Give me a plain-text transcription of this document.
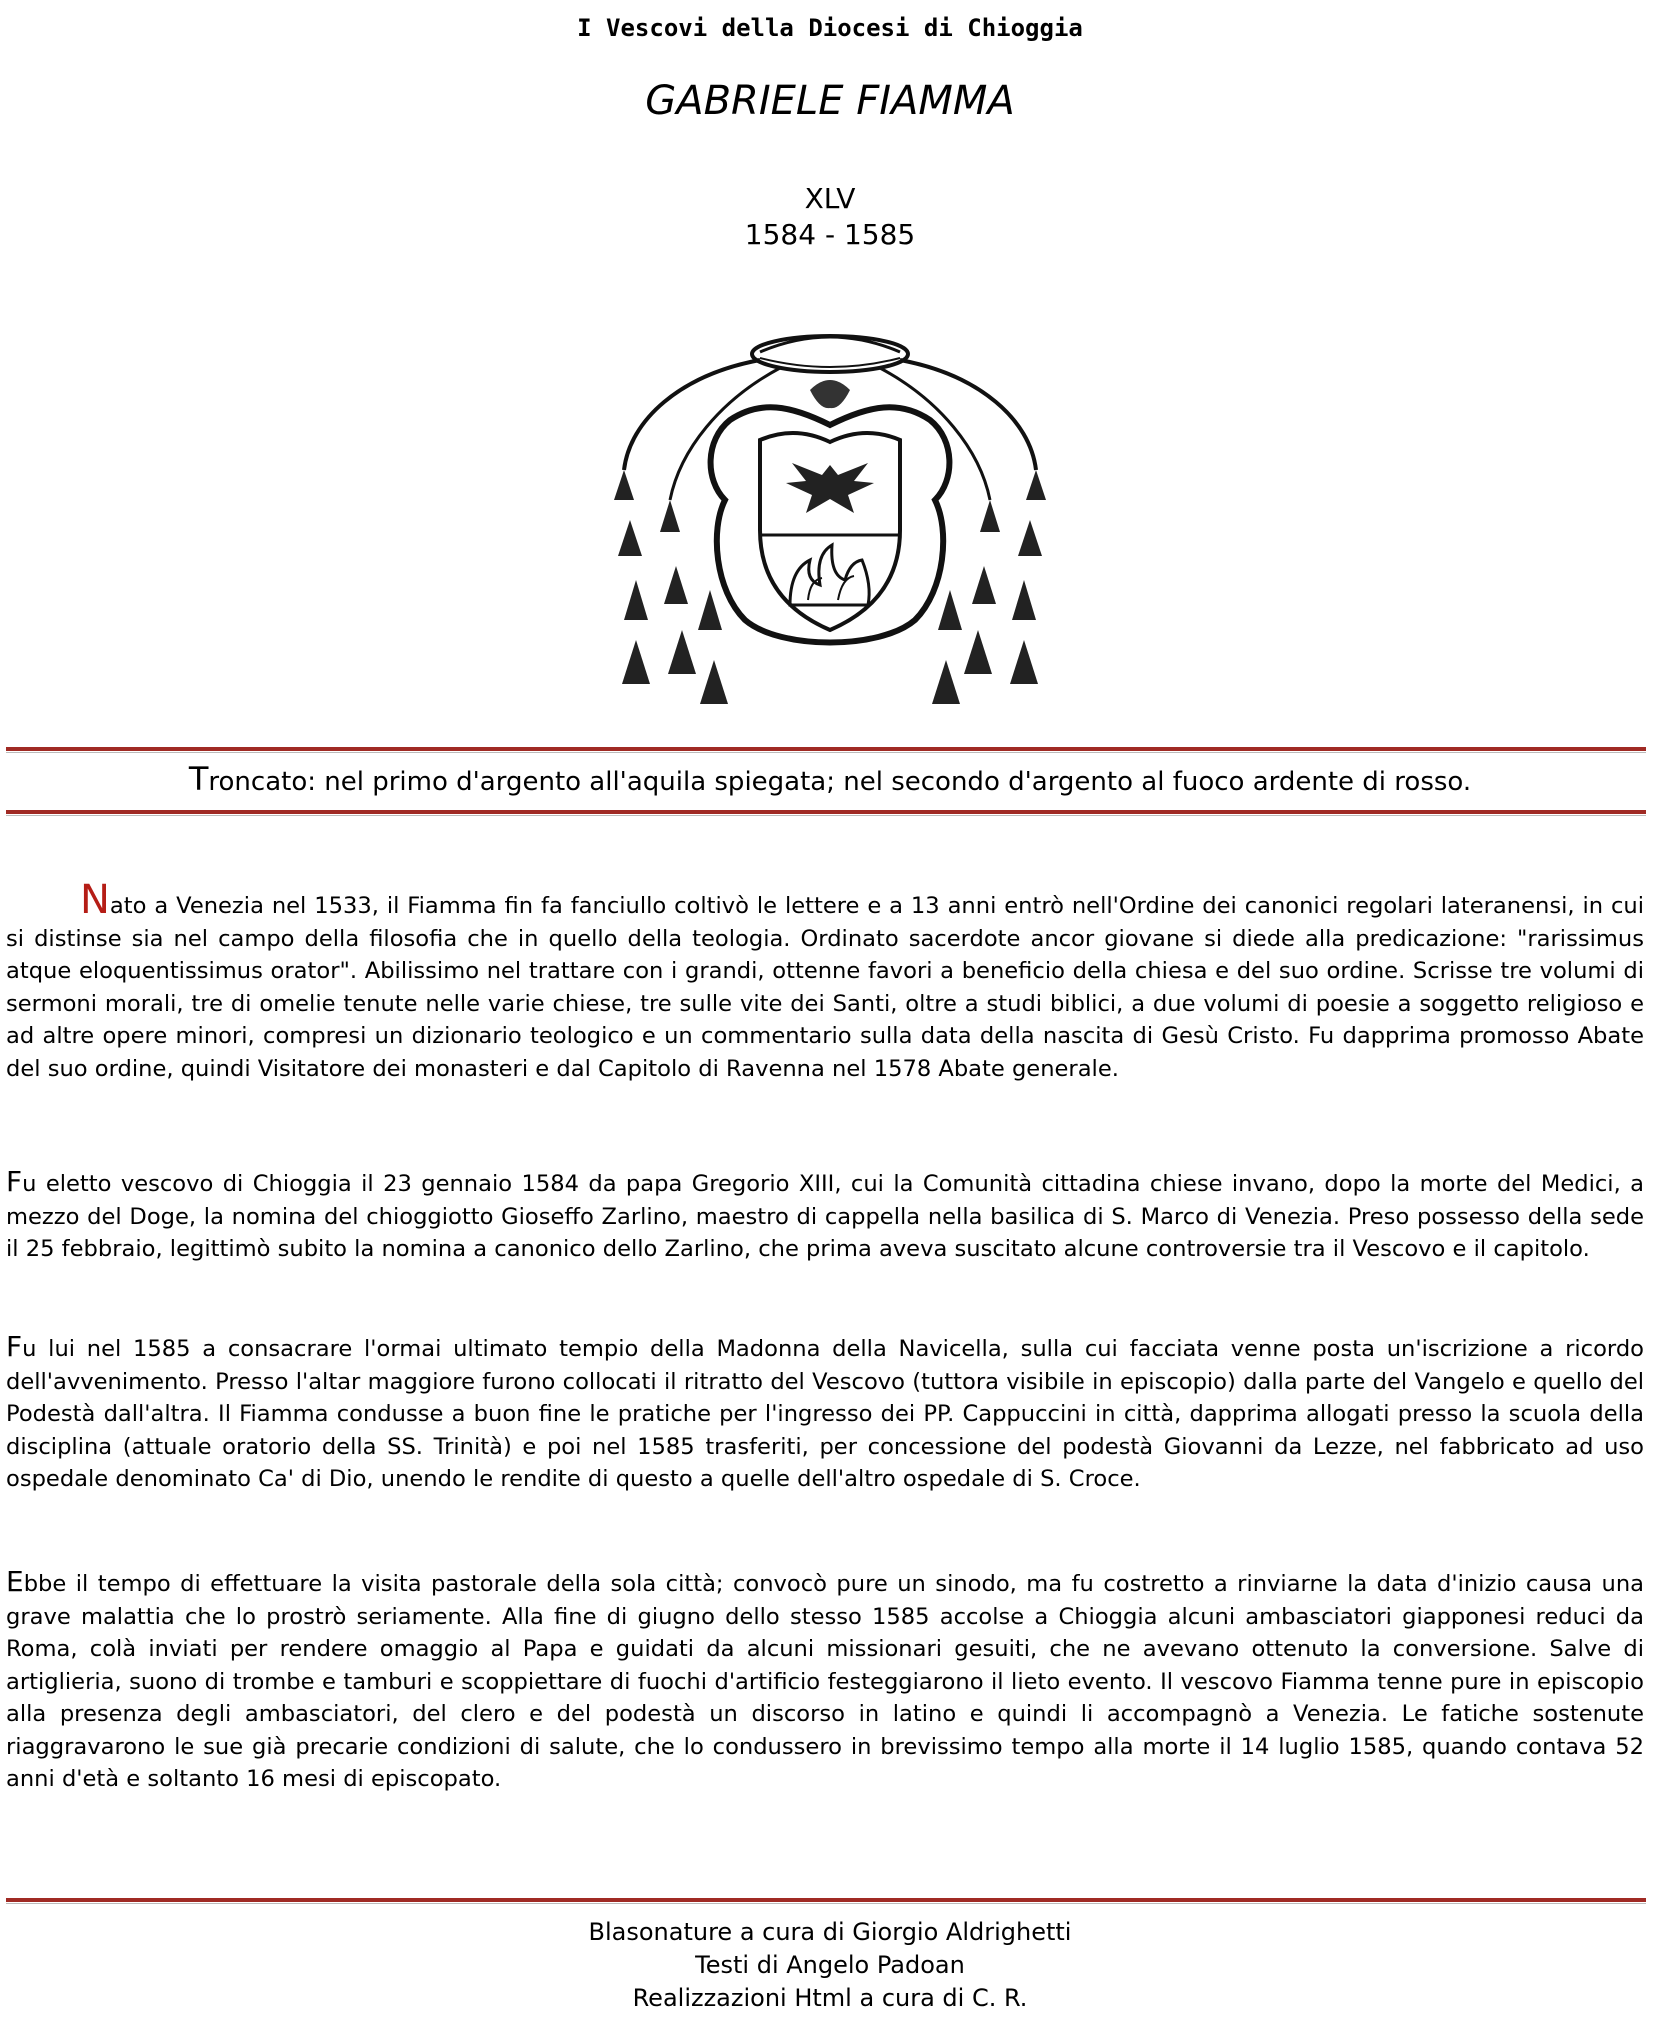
I Vescovi della Diocesi di Chioggia
GABRIELE FIAMMA
XLV
1584 - 1585
Troncato: nel primo d'argento all'aquila spiegata; nel secondo d'argento al fuoco ardente di rosso.
Nato a Venezia nel 1533, il Fiamma fin fa fanciullo coltivò le lettere e a 13 anni entrò nell'Ordine dei canonici regolari lateranensi, in cui si distinse sia nel campo della filosofia che in quello della teologia. Ordinato sacerdote ancor giovane si diede alla predicazione: "rarissimus atque eloquentissimus orator". Abilissimo nel trattare con i grandi, ottenne favori a beneficio della chiesa e del suo ordine. Scrisse tre volumi di sermoni morali, tre di omelie tenute nelle varie chiese, tre sulle vite dei Santi, oltre a studi biblici, a due volumi di poesie a soggetto religioso e ad altre opere minori, compresi un dizionario teologico e un commentario sulla data della nascita di Gesù Cristo. Fu dapprima promosso Abate del suo ordine, quindi Visitatore dei monasteri e dal Capitolo di Ravenna nel 1578 Abate generale.
Fu eletto vescovo di Chioggia il 23 gennaio 1584 da papa Gregorio XIII, cui la Comunità cittadina chiese invano, dopo la morte del Medici, a mezzo del Doge, la nomina del chioggiotto Gioseffo Zarlino, maestro di cappella nella basilica di S. Marco di Venezia. Preso possesso della sede il 25 febbraio, legittimò subito la nomina a canonico dello Zarlino, che prima aveva suscitato alcune controversie tra il Vescovo e il capitolo.
Fu lui nel 1585 a consacrare l'ormai ultimato tempio della Madonna della Navicella, sulla cui facciata venne posta un'iscrizione a ricordo dell'avvenimento. Presso l'altar maggiore furono collocati il ritratto del Vescovo (tuttora visibile in episcopio) dalla parte del Vangelo e quello del Podestà dall'altra. Il Fiamma condusse a buon fine le pratiche per l'ingresso dei PP. Cappuccini in città, dapprima allogati presso la scuola della disciplina (attuale oratorio della SS. Trinità) e poi nel 1585 trasferiti, per concessione del podestà Giovanni da Lezze, nel fabbricato ad uso ospedale denominato Ca' di Dio, unendo le rendite di questo a quelle dell'altro ospedale di S. Croce.
Ebbe il tempo di effettuare la visita pastorale della sola città; convocò pure un sinodo, ma fu costretto a rinviarne la data d'inizio causa una grave malattia che lo prostrò seriamente. Alla fine di giugno dello stesso 1585 accolse a Chioggia alcuni ambasciatori giapponesi reduci da Roma, colà inviati per rendere omaggio al Papa e guidati da alcuni missionari gesuiti, che ne avevano ottenuto la conversione. Salve di artiglieria, suono di trombe e tamburi e scoppiettare di fuochi d'artificio festeggiarono il lieto evento. Il vescovo Fiamma tenne pure in episcopio alla presenza degli ambasciatori, del clero e del podestà un discorso in latino e quindi li accompagnò a Venezia. Le fatiche sostenute riaggravarono le sue già precarie condizioni di salute, che lo condussero in brevissimo tempo alla morte il 14 luglio 1585, quando contava 52 anni d'età e soltanto 16 mesi di episcopato.
Blasonature a cura di Giorgio Aldrighetti
Testi di Angelo Padoan
Realizzazioni Html a cura di C. R.
